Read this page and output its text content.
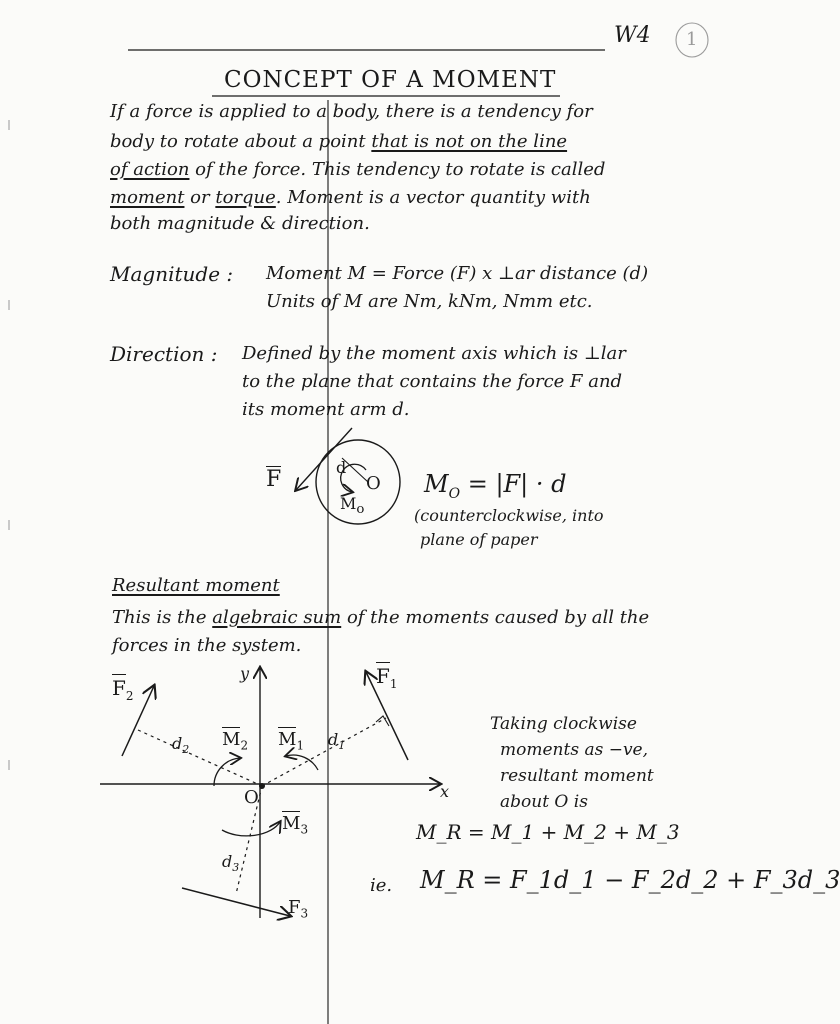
W4 1
CONCEPT OF A MOMENT
If a force is applied to a body, there is a tendency for
body to rotate about a point that is not on the line
of action of the force. This tendency to rotate is called
moment or torque. Moment is a vector quantity with
both magnitude & direction.
Magnitude : Moment M = Force (F) x ⊥ar distance (d)
Units of M are Nm, kNm, Nmm etc.
Direction : Defined by the moment axis which is ⊥lar
to the plane that contains the force F and
its moment arm d.
F	d
O
$M_o$
$M_O = |F| \cdot d$
(counterclockwise, into
plane of paper
Resultant moment
This is the algebraic sum of the moments caused by all the
forces in the system.
y
x
O
$F_2$
$F_1$
$F_3$
$M_2$ $M_1$
$M_3$
$d_2$
$d_1$
$d_3$
Taking clockwise
moments as −ve,
resultant moment
about O is
M_R = M_1 + M_2 + M_3
ie. M_R = F_1d_1 − F_2d_2 + F_3d_3
